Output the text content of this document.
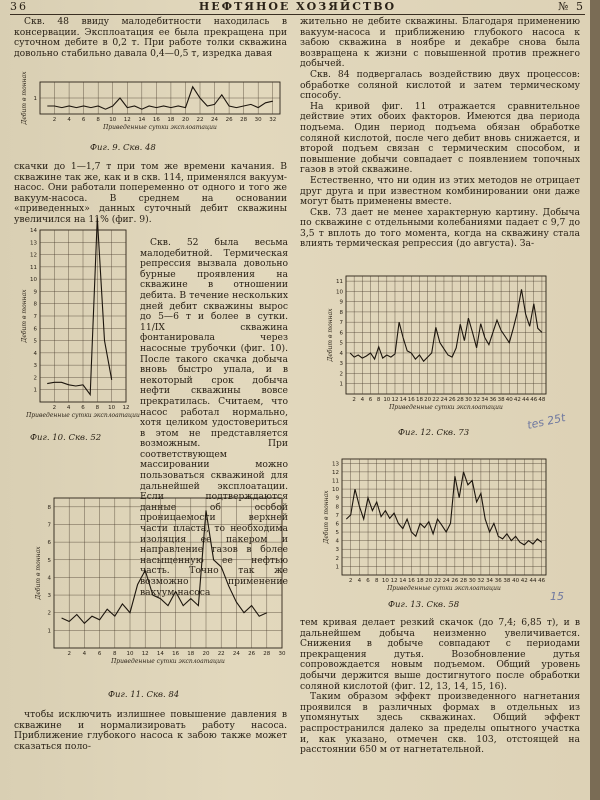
36	НЕФТЯНОЕ ХОЗЯЙСТВО	№ 5

Скв. 48 ввиду малодебитности находилась в консервации. Эксплоатация ее была прекращена при суточном дебите в 0,2 т. При работе толки скважина довольно стабильно давала 0,4—0,5 т, изредка давая

2 4 6 8 10 12 14 16 18 20 22 24 26 28 30 32
1
Дебит в тоннах
Приведенные сутки эксплоатации
Фиг. 9. Скв. 48

скачки до 1—1,7 т при том же времени качания. В скважине так же, как и в скв. 114, применялся вакуум-насос. Они работали попеременно от одного и того же вакуум-насоса. В среднем на основании «приведенных» данных суточный дебит скважины увеличился на 11% (фиг. 9).

2 4 6 8 10 12
1
2
3
4
5
6
7
8
9
10
11
12
13
14
Дебит в тоннах
Приведенные сутки эксплоатации
Фиг. 10. Скв. 52

Скв. 52 была весьма малодебитной. Термическая репрессия вызвала довольно бурные проявления на скважине в отношении дебита. В течение нескольких дней дебит скважины вырос до 5—6 т и более в сутки. 11/IX скважина фонтанировала через насосные трубочки (фиг. 10). После такого скачка добыча вновь быстро упала, и в некоторый срок добыча нефти скважины вовсе прекратилась. Считаем, что насос работал нормально, хотя целиком удостовериться в этом не представляется возможным. При соответствующем массировании можно пользоваться скважиной для дальнейшей эксплоатации. Если подтверждаются данные об особой проницаемости верхней части пласта, то необходима изоляция ее пакером и направление газов в более насыщенную ее нефтью часть. Точно так же возможно применение вакуум-насоса

2 4 6 8 10 12 14 16 18 20 22 24 26 28 30
1
2
3
4
5
6
7
8
Дебит в тоннах
Приведенные сутки эксплоатации
Фиг. 11. Скв. 84

чтобы исключить излишнее повышение давления в скважине и нормализировать работу насоса. Приближение глубокого насоса к забою также может сказаться поло-

жительно не дебите скважины. Благодаря применению вакуум-насоса и приближению глубокого насоса к забою скважина в ноябре и декабре снова была возвращена к жизни с повышенной против прежнего добычей.

Скв. 84 подвергалась воздействию двух процессов: обработке соляной кислотой и затем термическому способу.

На кривой фиг. 11 отражается сравнительное действие этих обоих факторов. Имеются два периода подъема. Один период подъема обязан обработке соляной кислотой, после чего дебит вновь снижается, и второй подъем связан с термическим способом, и повышение добычи совпадает с появлением топочных газов в этой скважине.

Естественно, что ни один из этих методов не отрицает друг друга и при известном комбинировании они даже могут быть применены вместе.

Скв. 73 дает не менее характерную картину. Добыча по скважине с отдельными колебаниями падает с 9,7 до 3,5 т вплоть до того момента, когда на скважину стала влиять термическая репрессия (до августа). За-

2 4 6 8 10 12 14 16 18 20 22 24 26 28 30 32 34 36 38 40 42 44 46 48
1
2
3
4
5
6
7
8
9
10
11
Дебит в тоннах
Приведенные сутки эксплоатации
Фиг. 12. Скв. 73
tes 25t
2 4 6 8 10 12 14 16 18 20 22 24 26 28 30 32 34 36 38 40 42 44 46
1
2
3
4
5
6
7
8
9
10
11
12
13
Дебит в тоннах
Приведенные сутки эксплоатации
Фиг. 13. Скв. 58
15

тем кривая делает резкий скачок (до 7,4; 6,85 т), и в дальнейшем добыча неизменно увеличивается. Снижения в добыче совпадают с периодами прекращения дутья. Возобновление дутья сопровождается новым подъемом. Общий уровень добычи держится выше достигнутого после обработки соляной кислотой (фиг. 12, 13, 14, 15, 16).

Таким образом эффект произведенного нагнетания проявился в различных формах в отдельных из упомянутых здесь скважинах. Общий эффект распространился далеко за пределы опытного участка и, как указано, отмечен скв. 103, отстоящей на расстоянии 650 м от нагнетательной.
